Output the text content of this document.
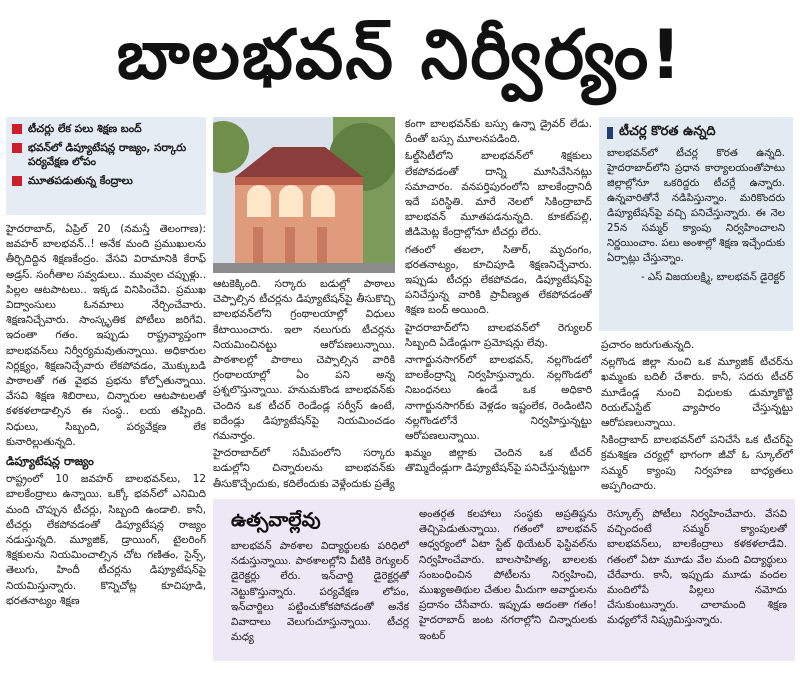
బాలభవన్ నిర్వీర్యం!
టీచర్లు లేక పలు శిక్షణ బంద్
భవన్‌లో డిప్యూటేషన్ల రాజ్యం, సర్కారు పర్యవేక్షణ లోపం
మూతపడుతున్న కేంద్రాలు

హైదరాబాద్, ఏప్రిల్ 20 (నమస్తే తెలంగాణ): జవహర్ బాలభవన్..! అనేక మంది ప్రముఖులను తీర్చిదిద్దిన శిక్షణకేంద్రం. వేసవి విరామానికి కేరాఫ్ అడ్రస్. సంగీతాల సవ్వడులు.. మువ్వల చప్పుళ్లు.. పిల్లల ఆటపాటలు.. ఇక్కడ వినిపించేవి. ప్రముఖ విద్వాంసులు ఓనమాలు నేర్చించేవారు. శిక్షణనిచ్చేవారు. సాంస్కృతిక పోటీలు జరిగేవి. ఇదంతా గతం. ఇప్పుడు రాష్ట్రవ్యాప్తంగా బాలభవన్‌లు నిర్వీర్యమవుతున్నాయి. అధికారుల నిర్లక్ష్యం, శిక్షణనిచ్చేవారు లేకపోవడం, మొక్కుబడి పాఠాలతో గత వైభవ ప్రభను కోల్పోతున్నాయి. వేసవి శిక్షణ శిబిరాలు, చిన్నారుల ఆటపాటలతో కళకళలాడాల్సిన ఈ సంస్థ.. లయ తప్పింది. నిధులు, సిబ్బంది, పర్యవేక్షణ లేక కునారిల్లుతున్నది.

డిప్యూటేషన్ల రాజ్యం

రాష్ట్రంలో 10 జవహర్ బాలభవన్‌లు, 12 బాలకేంద్రాలు ఉన్నాయి. ఒక్కో భవన్‌లో ఎనిమిది మంది చొప్పున టీచర్లు, సిబ్బంది ఉండాలి. కానీ, టీచర్లు లేకపోవడంతో డిప్యూటేషన్ల రాజ్యం నడుస్తున్నది. మ్యూజిక్, డ్రాయింగ్, టైలరింగ్ శిక్షకులను నియమించాల్సిన చోట గణితం, సైన్స్, తెలుగు, హిందీ టీచర్లను డిప్యూటేషన్‌పై నియమిస్తున్నారు. కొన్నిచోట్ల కూచిపూడి, భరతనాట్యం శిక్షణ

ఆటకెక్కింది. సర్కారు బడుల్లో పాఠాలు చెప్పాల్సిన టీచర్లను డిప్యూటేషన్‌పై తీసుకొచ్చి బాలభవన్‌లోని గ్రంథాలయాల్లో విధులు కేటాయించారు. ఇలా నలుగురు టీచర్లను నియమించినట్టు ఆరోపణలున్నాయి. పాఠశాలల్లో పాఠాలు చెప్పాల్సిన వారికి గ్రంథాలయాల్లో ఏం పని అన్న ప్రశ్నలొస్తున్నాయి. హనుమకొండ బాలభవన్‌కు చెందిన ఒక టీచర్ రెండేండ్ల సర్వీస్ ఉంటే, ఐదేండ్లు డిప్యూటేషన్‌పై నియమించడం గమనార్హం.

హైదరాబాద్‌లో సమీపంలోని సర్కారు బడుల్లోని చిన్నారులను బాలభవన్‌కు తీసుకొచ్చేందుకు, కదిలేందుకు వెళ్లేందుకు ప్రత్యే

కంగా బాలభవన్‌కు బస్సు ఉన్నా డ్రైవర్ లేడు. దీంతో బస్సు మూలనపడింది.

ఓల్డ్‌సిటీలోని బాలభవన్‌లో శిక్షకులు లేకపోవడంతో దాన్ని మూసివేసినట్లు సమాచారం. వనపర్తిపురంలోని బాలకేంద్రానిదీ ఇదే పరిస్థితి. మారే నెలలో సికింద్రాబాద్ బాలభవన్ మూతపడనున్నది. కూకట్‌పల్లి, జీడిమెట్ల కేంద్రాల్లోనూ టీచర్లు లేరు.

గతంలో తబలా, సితార్, మృదంగం, భరతనాట్యం, కూచిపూడి శిక్షణనిచ్చేవారు. ఇప్పుడు టీచర్లు లేకపోవడం, డిప్యూటేషన్‌పై పనిచేస్తున్న వారికి ప్రావీణ్యత లేకపోవడంతో శిక్షణ బంద్ అయింది.

హైదరాబాద్‌లోని బాలభవన్‌లో రెగ్యులర్ సిబ్బంది ఏడేండ్లుగా ప్రమోషన్లు లేవు.

నాగార్జునసాగర్‌లో బాలభవన్, నల్లగొండలో బాలకేంద్రాన్ని నిర్వహిస్తున్నారు. నల్లగొండలో నిబంధనలు ఉండే ఒక అధికారి నాగార్జునసాగర్‌కు వెళ్లడం ఇష్టంలేక, రెండింటిని నల్లగొండలోనే నిర్వహిస్తున్నట్టు ఆరోపణలున్నాయి.

ఖమ్మం జిల్లాకు చెందిన ఒక టీచర్ తొమ్మిదేండ్లుగా డిప్యూటేషన్‌పై పనిచేస్తున్నట్టుగా

టీచర్ల కొరత ఉన్నది

బాలభవన్‌లో టీచర్ల కొరత ఉన్నది. హైదరాబాద్‌లోని ప్రధాన కార్యాలయంతోపాటు జిల్లాల్లోనూ ఒకరిద్దరు టీచర్లే ఉన్నారు. ఉన్నవారితోనే నడిపిస్తున్నాం. మరికొందరు డిప్యూటేషన్‌పై వచ్చి పనిచేస్తున్నారు. ఈ నెల 25న సమ్మర్ క్యాంపు నిర్వహించాలని నిర్ణయించాం. పలు అంశాల్లో శిక్షణ ఇచ్చేందుకు ఏర్పాట్లు చేస్తున్నాం.

- ఎస్ విజయలక్ష్మి, బాలభవన్ డైరెక్టర్

ప్రచారం జరుగుతున్నది.

నల్లగొండ జిల్లా నుంచి ఒక మ్యూజిక్ టీచర్‌ను ఖమ్మంకు బదిలీ చేశారు. కానీ, సదరు టీచర్ మూడేండ్ల నుంచి విధులకు డుమ్మాకొట్టి రియల్‌ఎస్టేట్ వ్యాపారం చేస్తున్నట్టు ఆరోపణలున్నాయి.

సికింద్రాబాద్ బాలభవన్‌లో పనిచేసే ఒక టీచర్‌పై క్రమశిక్షణ చర్యల్లో భాగంగా జీవో ఓ స్కూల్‌లో సమ్మర్ క్యాంపు నిర్వహణ బాధ్యతలు అప్పగించారు.

ఉత్సవాల్లేవు
బాలభవన్ పాఠశాల విద్యార్థులకు పరిధిలో నడుస్తున్నాయి. పాఠశాలల్లోని వీటికి రెగ్యులర్ డైరెక్టర్లు లేరు. ఇన్‌చార్జి డైరెక్టర్లతో నెట్టుకొస్తున్నారు. పర్యవేక్షణ లోపం, ఇన్‌చార్జిలు పట్టించుకోకపోవడంతో అనేక వివాదాలు వెలుగుచూస్తున్నాయి. టీచర్ల మధ్య
అంతర్గత కలహాలు సంస్థకు అప్రతిష్టను తెచ్చిపెడుతున్నాయి. గతంలో బాలభవన్ ఆధ్వర్యంలో ఏటా స్టేట్ థియేటర్ ఫెస్టివల్‌ను నిర్వహించేవారు. బాలసాహిత్య, బాలలకు సంబంధించిన పోటీలను నిర్వహించి, ముఖ్యఅతిథుల చేతుల మీదుగా అవార్డులను ప్రదానం చేసేవారు. ఇప్పుడు అదంతా గతం! హైదరాబాద్ జంట నగరాల్లోని చిన్నారులకు ఇంటర్
రెస్కూల్స్ పోటీలు నిర్వహించేవారు. వేసవి వచ్చిందంటే సమ్మర్ క్యాంపులతో బాలభవన్‌లు, బాలకేంద్రాలు కళకళలాడేవి. గతంలో ఏటా మూడు వేల మంది విద్యార్థులు చేరేవారు. కానీ, ఇప్పుడు మూడు వందల మందిలోపే పిల్లలు నమోదు చేసుకుంటున్నారు. చాలామంది శిక్షణ మధ్యలోనే నిష్క్రమిస్తున్నారు.
